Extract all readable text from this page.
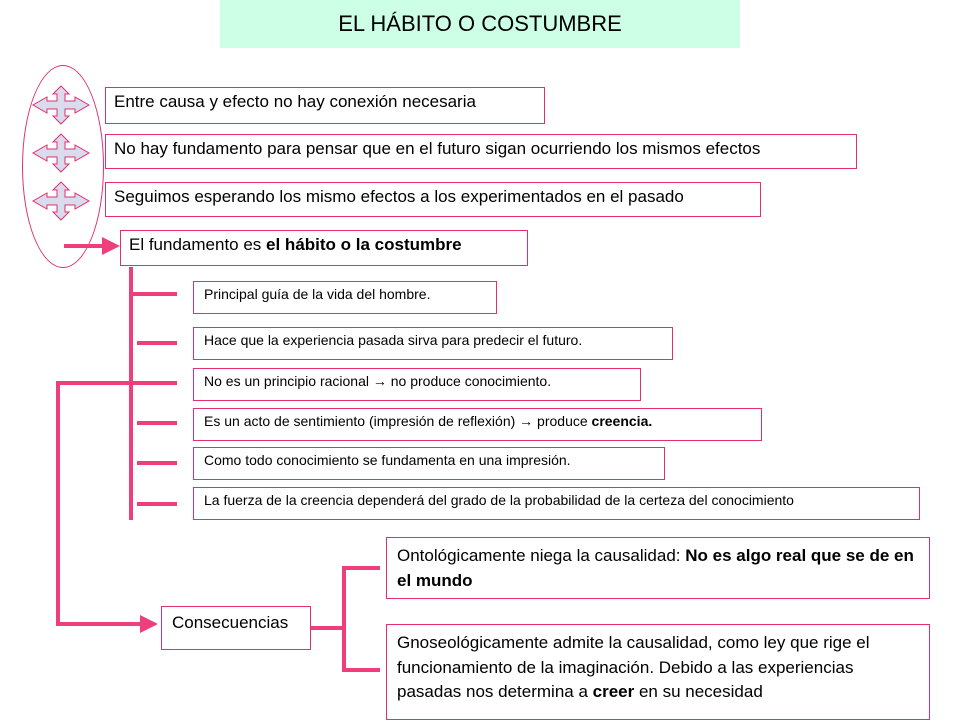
EL HÁBITO O COSTUMBRE
Entre causa y efecto no hay conexión necesaria
No hay fundamento para pensar que en el futuro sigan ocurriendo los mismos efectos
Seguimos esperando los mismo efectos a los experimentados en el pasado
El fundamento es el hábito o la costumbre
Principal guía de la vida del hombre.
Hace que la experiencia pasada sirva para predecir el futuro.
No es un principio racional → no produce conocimiento.
Es un acto de sentimiento (impresión de reflexión) → produce creencia.
Como todo conocimiento se fundamenta en una impresión.
La fuerza de la creencia dependerá del grado de la probabilidad de la certeza del conocimiento
Consecuencias
Ontológicamente niega la causalidad: No es algo real que se de en el mundo
Gnoseológicamente admite la causalidad, como ley que rige el funcionamiento de la imaginación. Debido a las experiencias pasadas nos determina a creer en su necesidad
